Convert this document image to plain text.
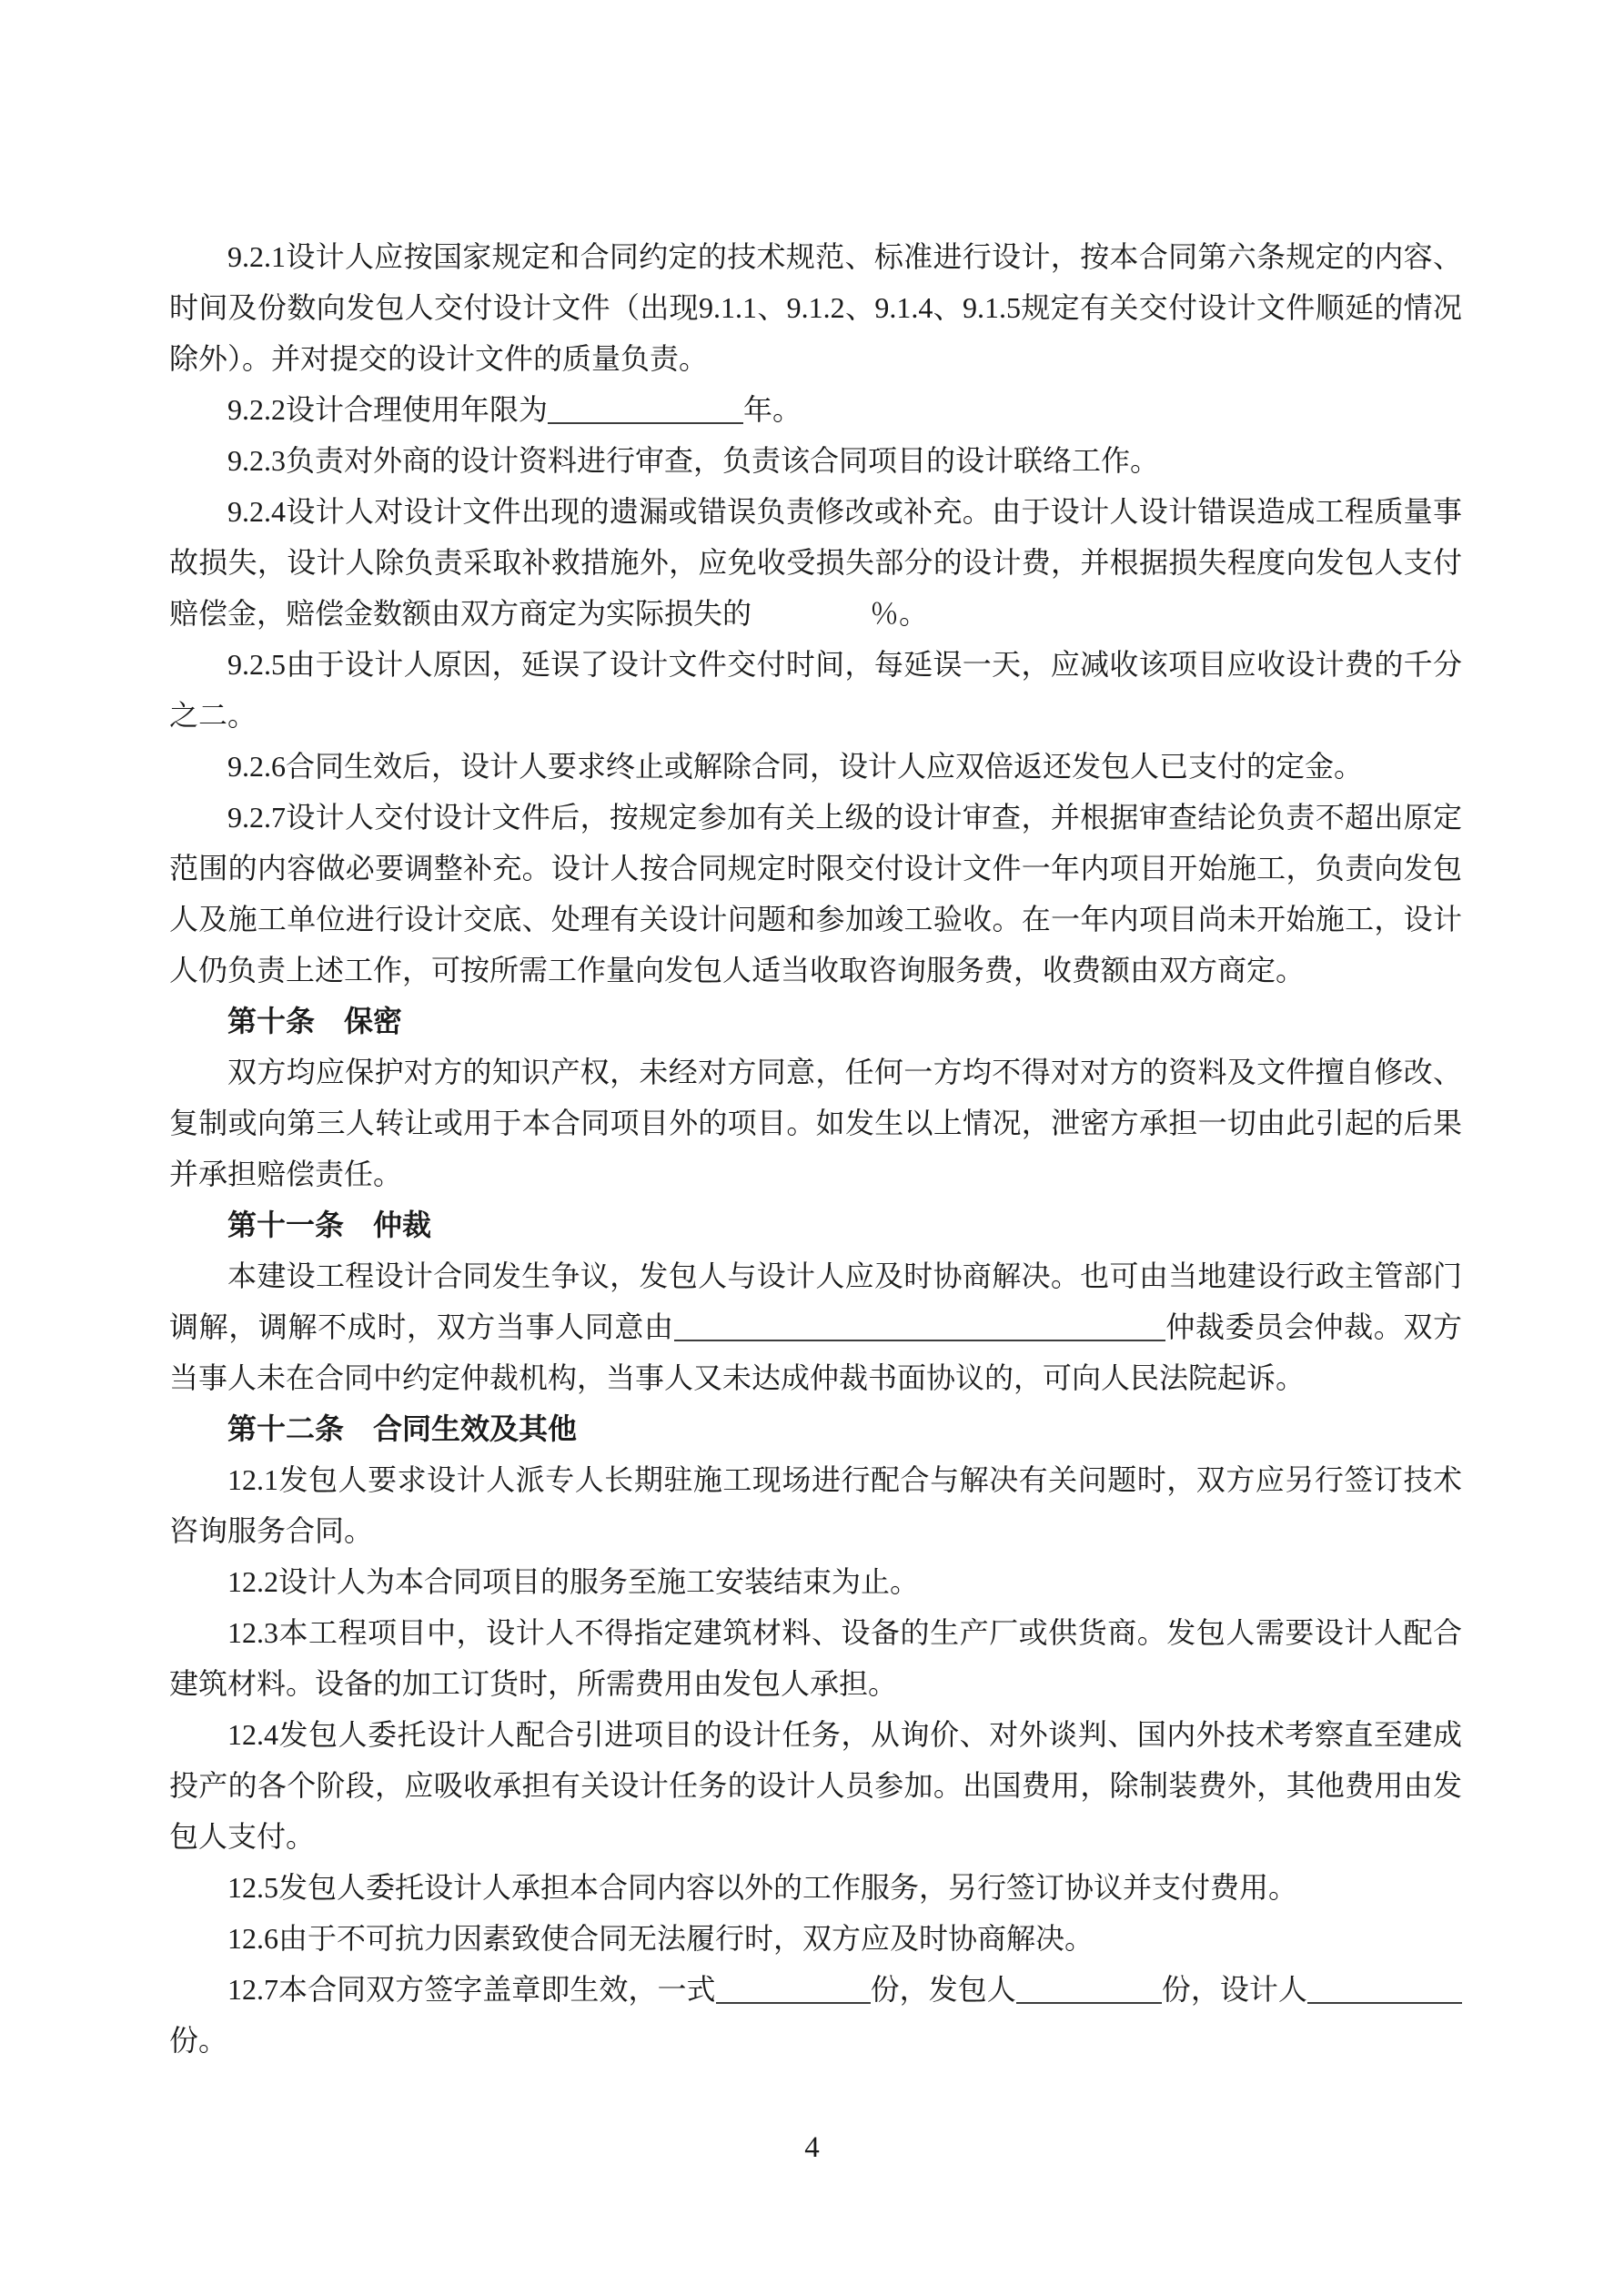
9.2.1设计人应按国家规定和合同约定的技术规范、标准进行设计，按本合同第六条规定的内容、时间及份数向发包人交付设计文件（出现9.1.1、9.1.2、9.1.4、9.1.5规定有关交付设计文件顺延的情况除外）。并对提交的设计文件的质量负责。

9.2.2设计合理使用年限为	年。

9.2.3负责对外商的设计资料进行审查，负责该合同项目的设计联络工作。

9.2.4设计人对设计文件出现的遗漏或错误负责修改或补充。由于设计人设计错误造成工程质量事故损失，设计人除负责采取补救措施外，应免收受损失部分的设计费，并根据损失程度向发包人支付赔偿金，赔偿金数额由双方商定为实际损失的	％。

9.2.5由于设计人原因，延误了设计文件交付时间，每延误一天，应减收该项目应收设计费的千分之二。

9.2.6合同生效后，设计人要求终止或解除合同，设计人应双倍返还发包人已支付的定金。

9.2.7设计人交付设计文件后，按规定参加有关上级的设计审查，并根据审查结论负责不超出原定范围的内容做必要调整补充。设计人按合同规定时限交付设计文件一年内项目开始施工，负责向发包人及施工单位进行设计交底、处理有关设计问题和参加竣工验收。在一年内项目尚未开始施工，设计人仍负责上述工作，可按所需工作量向发包人适当收取咨询服务费，收费额由双方商定。

第十条　保密

双方均应保护对方的知识产权，未经对方同意，任何一方均不得对对方的资料及文件擅自修改、复制或向第三人转让或用于本合同项目外的项目。如发生以上情况，泄密方承担一切由此引起的后果并承担赔偿责任。

第十一条　仲裁

本建设工程设计合同发生争议，发包人与设计人应及时协商解决。也可由当地建设行政主管部门调解，调解不成时，双方当事人同意由	仲裁委员会仲裁。双方当事人未在合同中约定仲裁机构，当事人又未达成仲裁书面协议的，可向人民法院起诉。

第十二条　合同生效及其他

12.1发包人要求设计人派专人长期驻施工现场进行配合与解决有关问题时，双方应另行签订技术咨询服务合同。

12.2设计人为本合同项目的服务至施工安装结束为止。

12.3本工程项目中，设计人不得指定建筑材料、设备的生产厂或供货商。发包人需要设计人配合建筑材料。设备的加工订货时，所需费用由发包人承担。

12.4发包人委托设计人配合引进项目的设计任务，从询价、对外谈判、国内外技术考察直至建成投产的各个阶段，应吸收承担有关设计任务的设计人员参加。出国费用，除制装费外，其他费用由发包人支付。

12.5发包人委托设计人承担本合同内容以外的工作服务，另行签订协议并支付费用。

12.6由于不可抗力因素致使合同无法履行时，双方应及时协商解决。

12.7本合同双方签字盖章即生效，一式	份，发包人	份，设计人份。

4
